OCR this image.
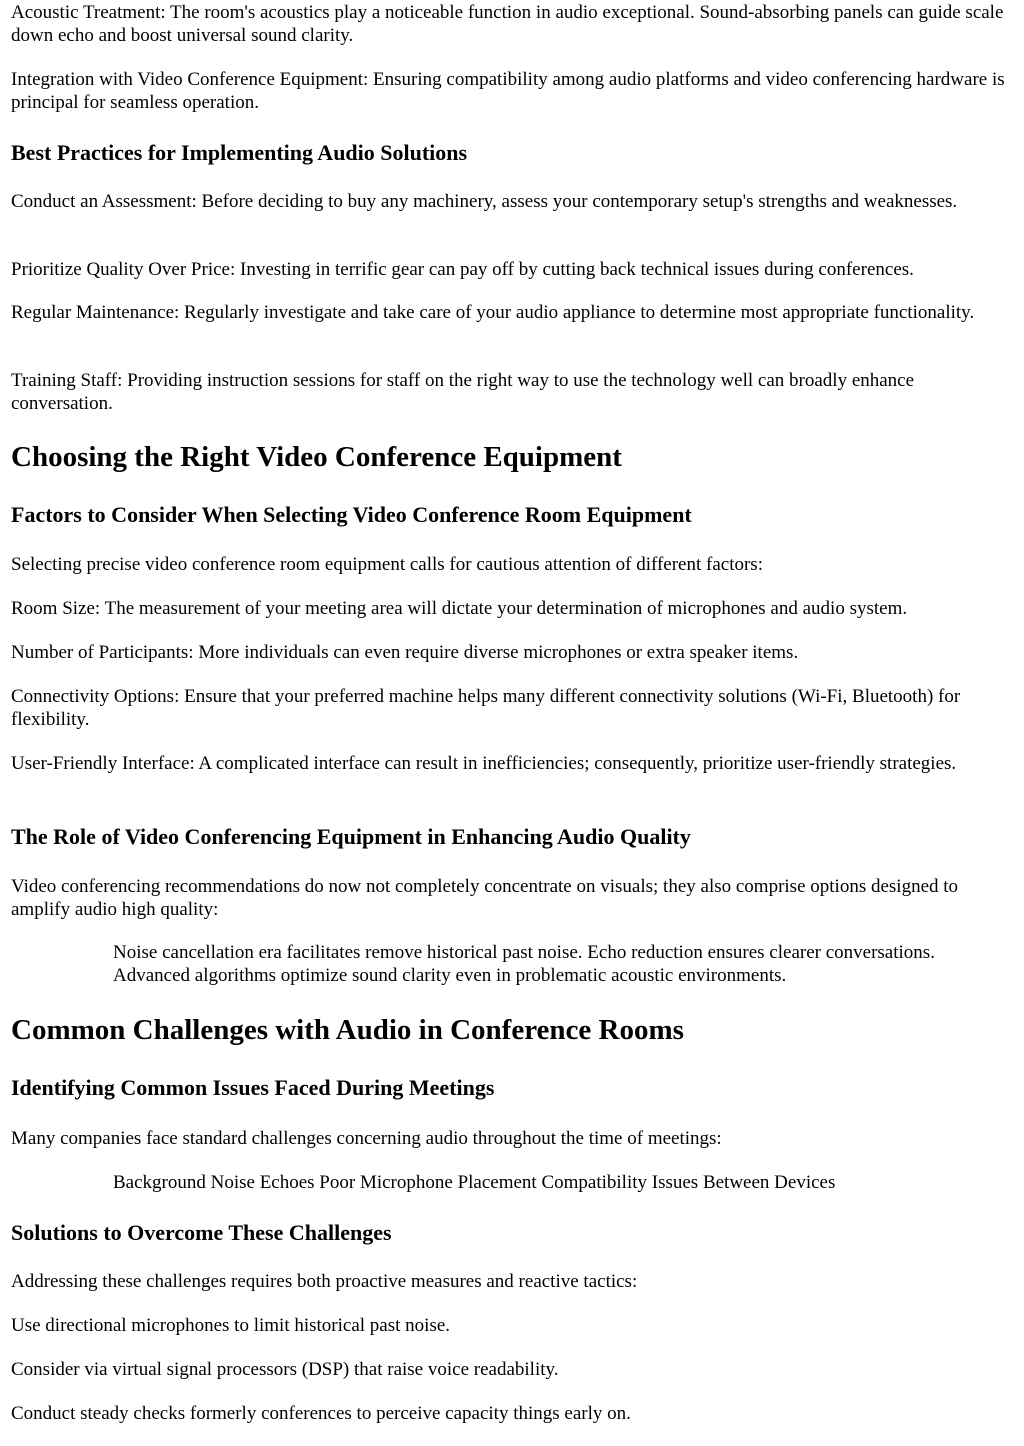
Acoustic Treatment: The room's acoustics play a noticeable function in audio exceptional. Sound-absorbing panels can guide scale down echo and boost universal sound clarity.

Integration with Video Conference Equipment: Ensuring compatibility among audio platforms and video conferencing hardware is principal for seamless operation.

Best Practices for Implementing Audio Solutions

Conduct an Assessment: Before deciding to buy any machinery, assess your contemporary setup's strengths and weaknesses.

Prioritize Quality Over Price: Investing in terrific gear can pay off by cutting back technical issues during conferences.

Regular Maintenance: Regularly investigate and take care of your audio appliance to determine most appropriate functionality.

Training Staff: Providing instruction sessions for staff on the right way to use the technology well can broadly enhance conversation.

Choosing the Right Video Conference Equipment
Factors to Consider When Selecting Video Conference Room Equipment

Selecting precise video conference room equipment calls for cautious attention of different factors:

Room Size: The measurement of your meeting area will dictate your determination of microphones and audio system.

Number of Participants: More individuals can even require diverse microphones or extra speaker items.

Connectivity Options: Ensure that your preferred machine helps many different connectivity solutions (Wi-Fi, Bluetooth) for flexibility.

User-Friendly Interface: A complicated interface can result in inefficiencies; consequently, prioritize user-friendly strategies.

The Role of Video Conferencing Equipment in Enhancing Audio Quality

Video conferencing recommendations do now not completely concentrate on visuals; they also comprise options designed to amplify audio high quality:

Noise cancellation era facilitates remove historical past noise. Echo reduction ensures clearer conversations. Advanced algorithms optimize sound clarity even in problematic acoustic environments.
Common Challenges with Audio in Conference Rooms
Identifying Common Issues Faced During Meetings

Many companies face standard challenges concerning audio throughout the time of meetings:

Background Noise Echoes Poor Microphone Placement Compatibility Issues Between Devices
Solutions to Overcome These Challenges

Addressing these challenges requires both proactive measures and reactive tactics:

Use directional microphones to limit historical past noise.

Consider via virtual signal processors (DSP) that raise voice readability.

Conduct steady checks formerly conferences to perceive capacity things early on.
